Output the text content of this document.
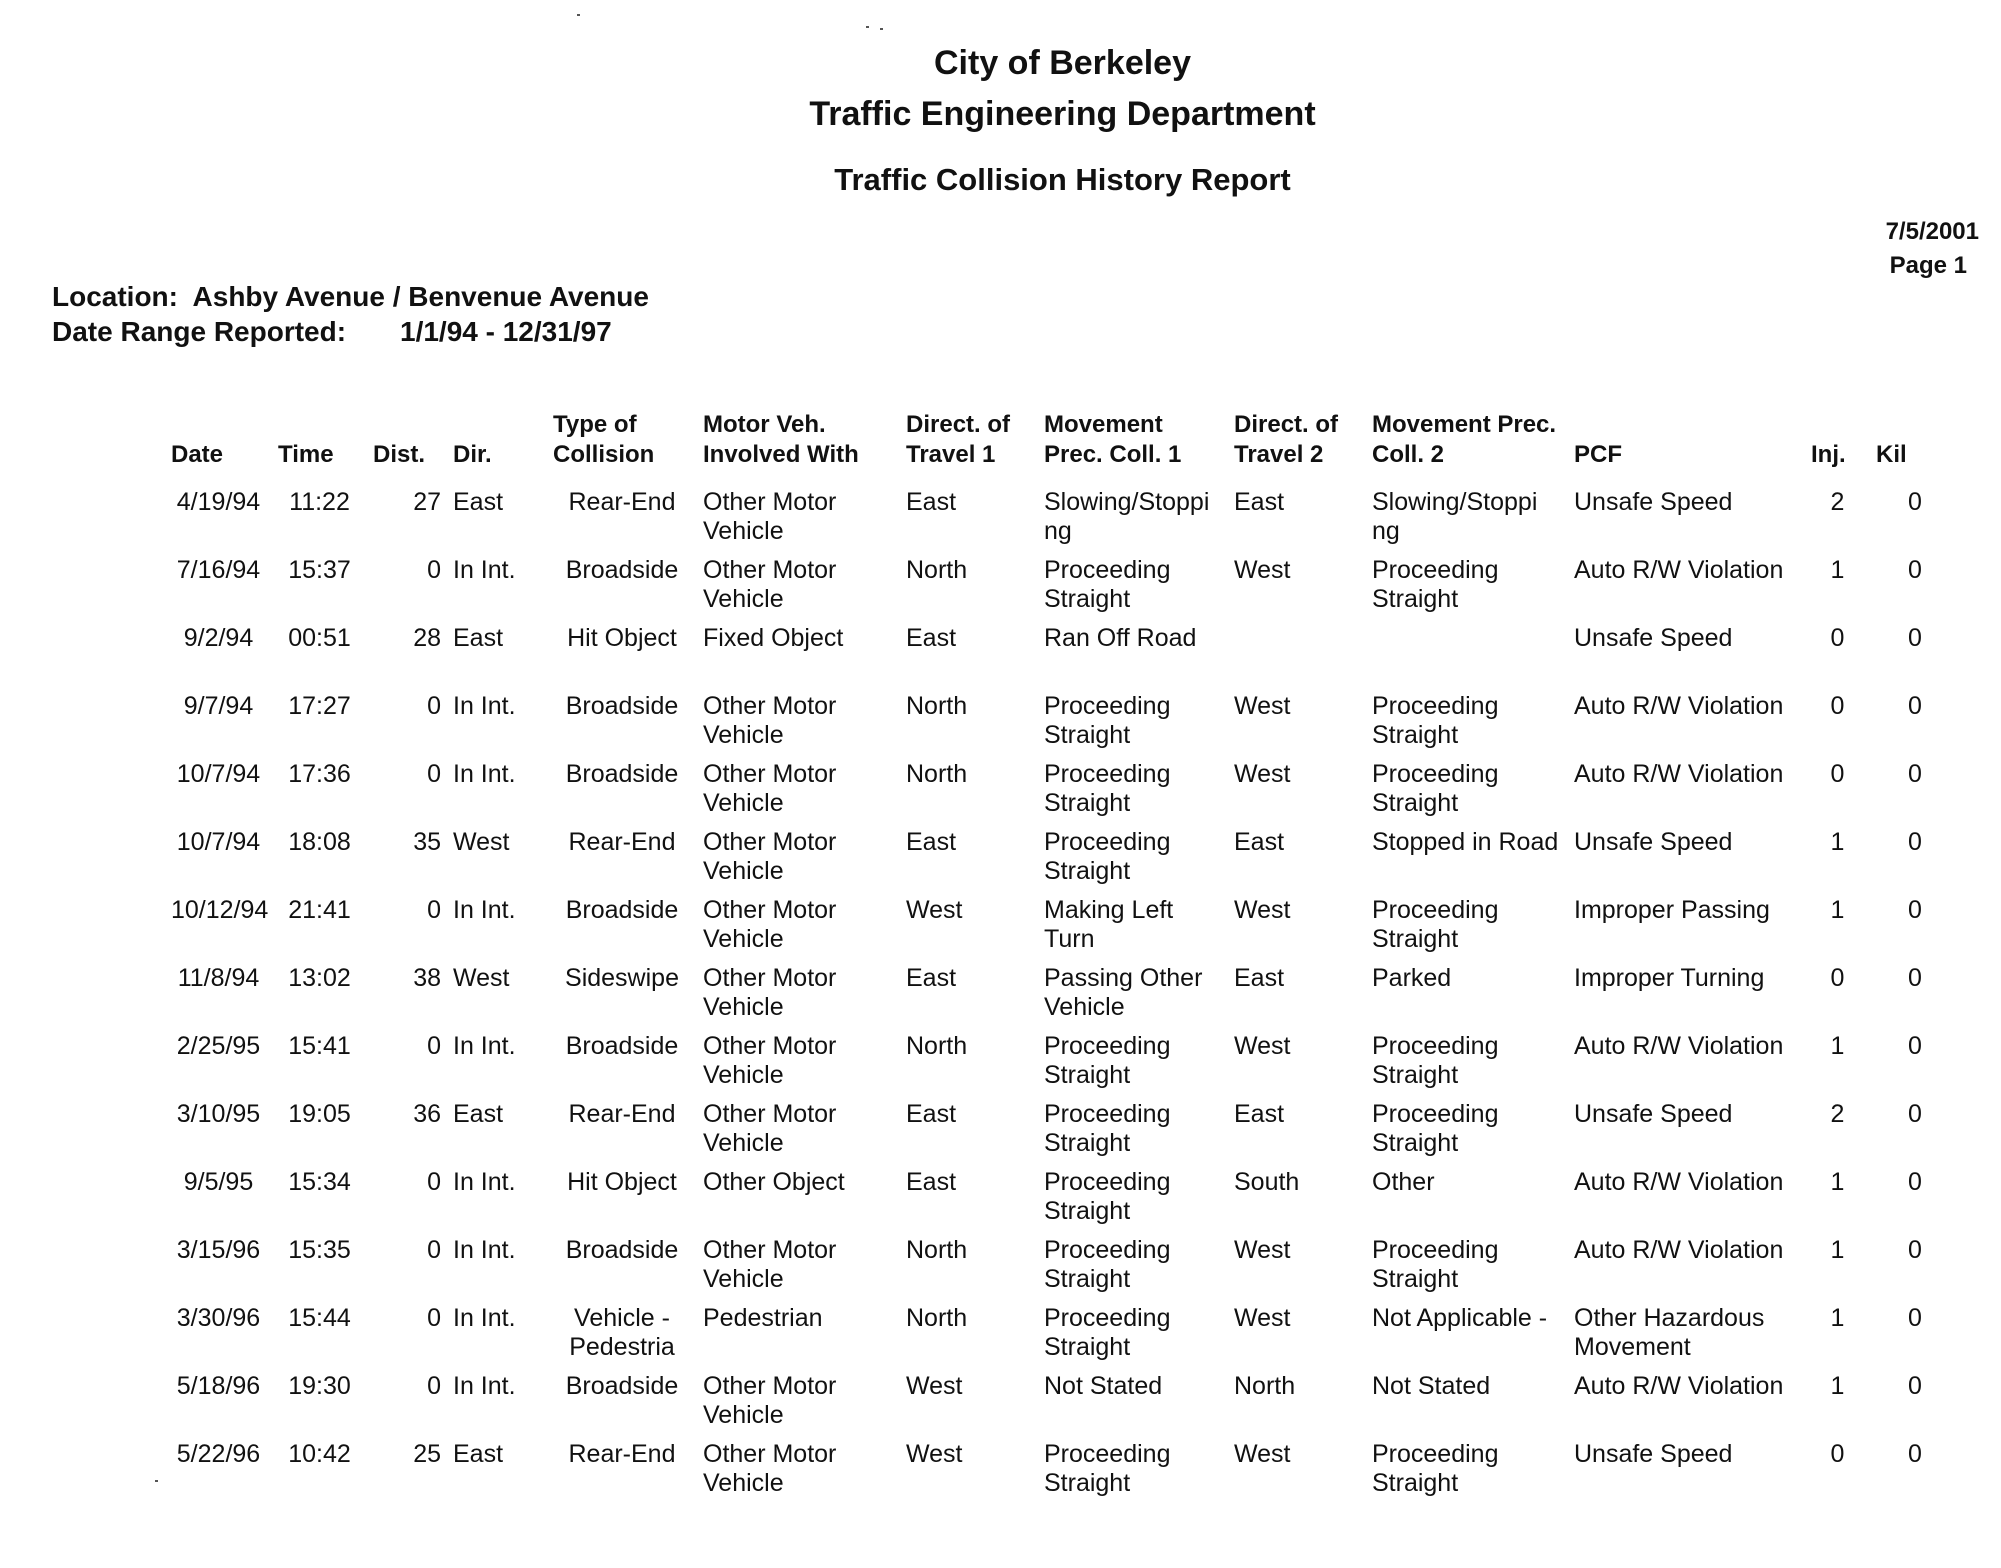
City of Berkeley
Traffic Engineering Department
Traffic Collision History Report
7/5/2001
Page 1
Location: Ashby Avenue / Benvenue Avenue
Date Range Reported: 1/1/94 - 12/31/97
Date	Time	Dist.	Dir.	Type of Collision	Motor Veh. Involved With	Direct. of Travel 1	Movement Prec. Coll. 1	Direct. of Travel 2	Movement Prec. Coll. 2	PCF	Inj.	Kil
4/19/94	11:22	27	East	Rear-End	Other Motor Vehicle	East	Slowing/Stoppi ng	East	Slowing/Stoppi ng	Unsafe Speed	2	0
7/16/94	15:37	0	In Int.	Broadside	Other Motor Vehicle	North	Proceeding Straight	West	Proceeding Straight	Auto R/W Violation	1	0
9/2/94	00:51	28	East	Hit Object	Fixed Object	East	Ran Off Road			Unsafe Speed	0	0
9/7/94	17:27	0	In Int.	Broadside	Other Motor Vehicle	North	Proceeding Straight	West	Proceeding Straight	Auto R/W Violation	0	0
10/7/94	17:36	0	In Int.	Broadside	Other Motor Vehicle	North	Proceeding Straight	West	Proceeding Straight	Auto R/W Violation	0	0
10/7/94	18:08	35	West	Rear-End	Other Motor Vehicle	East	Proceeding Straight	East	Stopped in Road	Unsafe Speed	1	0
10/12/94	21:41	0	In Int.	Broadside	Other Motor Vehicle	West	Making Left Turn	West	Proceeding Straight	Improper Passing	1	0
11/8/94	13:02	38	West	Sideswipe	Other Motor Vehicle	East	Passing Other Vehicle	East	Parked	Improper Turning	0	0
2/25/95	15:41	0	In Int.	Broadside	Other Motor Vehicle	North	Proceeding Straight	West	Proceeding Straight	Auto R/W Violation	1	0
3/10/95	19:05	36	East	Rear-End	Other Motor Vehicle	East	Proceeding Straight	East	Proceeding Straight	Unsafe Speed	2	0
9/5/95	15:34	0	In Int.	Hit Object	Other Object	East	Proceeding Straight	South	Other	Auto R/W Violation	1	0
3/15/96	15:35	0	In Int.	Broadside	Other Motor Vehicle	North	Proceeding Straight	West	Proceeding Straight	Auto R/W Violation	1	0
3/30/96	15:44	0	In Int.	Vehicle - Pedestria	Pedestrian	North	Proceeding Straight	West	Not Applicable -	Other Hazardous Movement	1	0
5/18/96	19:30	0	In Int.	Broadside	Other Motor Vehicle	West	Not Stated	North	Not Stated	Auto R/W Violation	1	0
5/22/96	10:42	25	East	Rear-End	Other Motor Vehicle	West	Proceeding Straight	West	Proceeding Straight	Unsafe Speed	0	0
